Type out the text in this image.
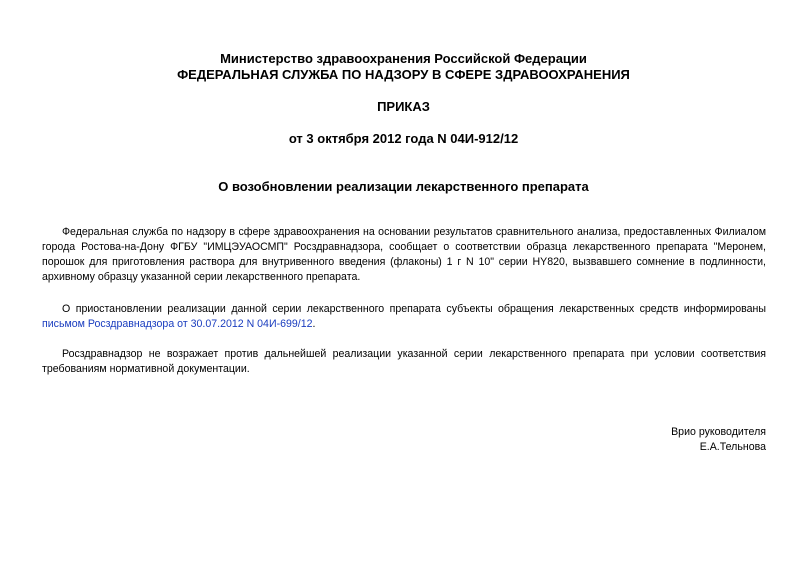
Министерство здравоохранения Российской Федерации
ФЕДЕРАЛЬНАЯ СЛУЖБА ПО НАДЗОРУ В СФЕРЕ ЗДРАВООХРАНЕНИЯ
ПРИКАЗ
от 3 октября 2012 года N 04И-912/12
О возобновлении реализации лекарственного препарата
Федеральная служба по надзору в сфере здравоохранения на основании результатов сравнительного анализа, предоставленных Филиалом города Ростова-на-Дону ФГБУ "ИМЦЭУАОСМП" Росздравнадзора, сообщает о соответствии образца лекарственного препарата "Меронем, порошок для приготовления раствора для внутривенного введения (флаконы) 1 г N 10" серии HY820, вызвавшего сомнение в подлинности, архивному образцу указанной серии лекарственного препарата.
О приостановлении реализации данной серии лекарственного препарата субъекты обращения лекарственных средств информированы письмом Росздравнадзора от 30.07.2012 N 04И-699/12.
Росздравнадзор не возражает против дальнейшей реализации указанной серии лекарственного препарата при условии соответствия требованиям нормативной документации.
Врио руководителя
Е.А.Тельнова
